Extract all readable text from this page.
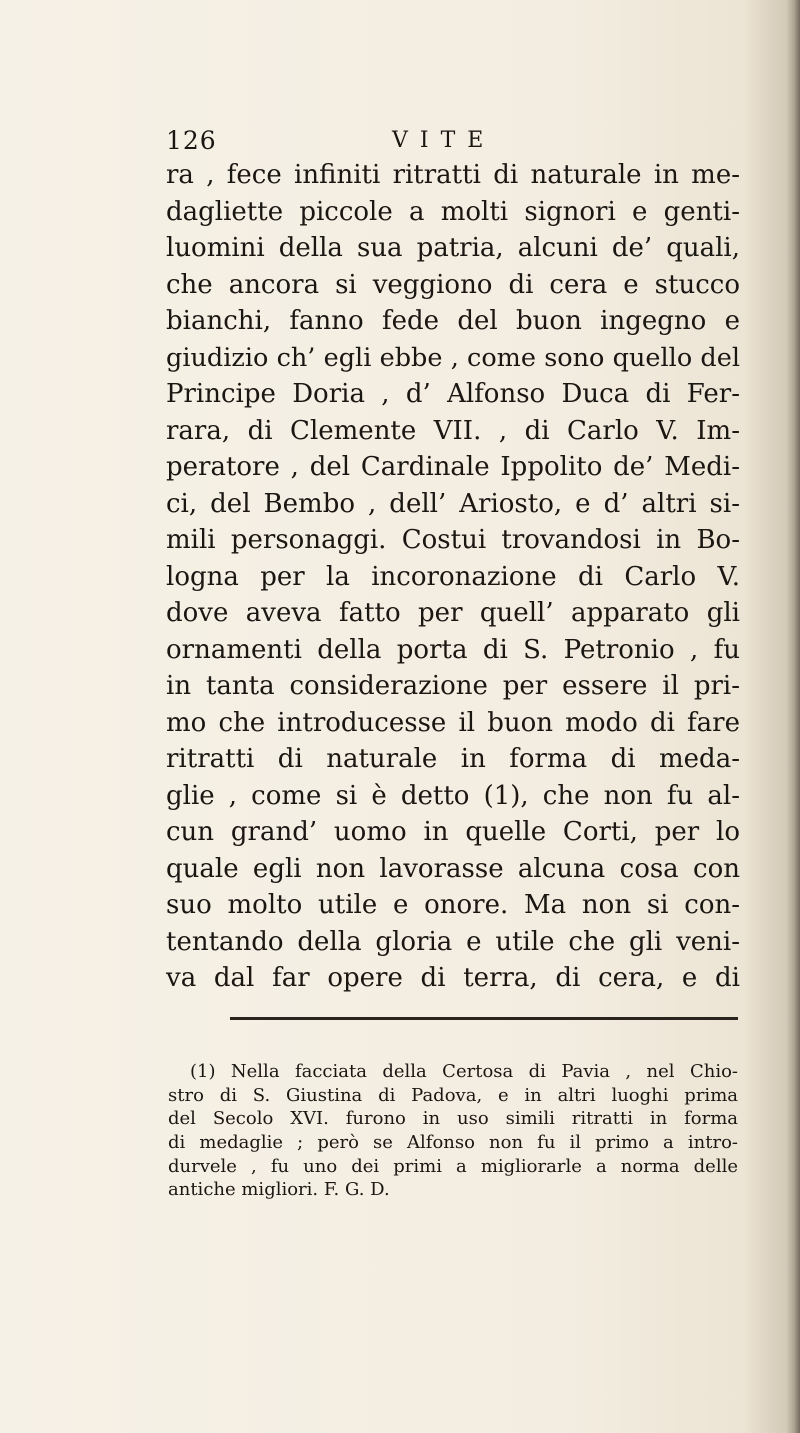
126	VITE
ra , fece infiniti ritratti di naturale in me-
dagliette piccole a molti signori e genti-
luomini della sua patria, alcuni de’ quali,
che ancora si veggiono di cera e stucco
bianchi, fanno fede del buon ingegno e
giudizio ch’ egli ebbe , come sono quello del
Principe Doria , d’ Alfonso Duca di Fer-
rara, di Clemente VII. , di Carlo V. Im-
peratore , del Cardinale Ippolito de’ Medi-
ci, del Bembo , dell’ Ariosto, e d’ altri si-
mili personaggi. Costui trovandosi in Bo-
logna per la incoronazione di Carlo V.
dove aveva fatto per quell’ apparato gli
ornamenti della porta di S. Petronio , fu
in tanta considerazione per essere il pri-
mo che introducesse il buon modo di fare
ritratti di naturale in forma di meda-
glie , come si è detto (1), che non fu al-
cun grand’ uomo in quelle Corti, per lo
quale egli non lavorasse alcuna cosa con
suo molto utile e onore. Ma non si con-
tentando della gloria e utile che gli veni-
va dal far opere di terra, di cera, e di
(1) Nella facciata della Certosa di Pavia , nel Chio-
stro di S. Giustina di Padova, e in altri luoghi prima
del Secolo XVI. furono in uso simili ritratti in forma
di medaglie ; però se Alfonso non fu il primo a intro-
durvele , fu uno dei primi a migliorarle a norma delle
antiche migliori. F. G. D.
